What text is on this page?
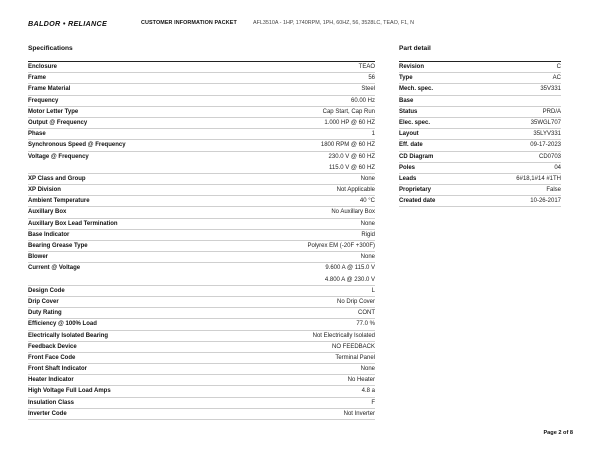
BALDOR • RELIANCE	CUSTOMER INFORMATION PACKET	AFL3510A - 1HP, 1740RPM, 1PH, 60HZ, 56, 3528LC, TEAO, F1, N
Specifications
Enclosure	TEAO
Frame	56
Frame Material	Steel
Frequency	60.00 Hz
Motor Letter Type	Cap Start, Cap Run
Output @ Frequency	1.000 HP @ 60 HZ
Phase	1
Synchronous Speed @ Frequency	1800 RPM @ 60 HZ
Voltage @ Frequency	230.0 V @ 60 HZ
115.0 V @ 60 HZ
XP Class and Group	None
XP Division	Not Applicable
Ambient Temperature	40 °C
Auxillary Box	No Auxillary Box
Auxillary Box Lead Termination	None
Base Indicator	Rigid
Bearing Grease Type	Polyrex EM (-20F +300F)
Blower	None
Current @ Voltage	9.600 A @ 115.0 V
4.800 A @ 230.0 V
Design Code	L
Drip Cover	No Drip Cover
Duty Rating	CONT
Efficiency @ 100% Load	77.0 %
Electrically Isolated Bearing	Not Electrically Isolated
Feedback Device	NO FEEDBACK
Front Face Code	Terminal Panel
Front Shaft Indicator	None
Heater Indicator	No Heater
High Voltage Full Load Amps	4.8 a
Insulation Class	F
Inverter Code	Not Inverter
Part detail
Revision	C
Type	AC
Mech. spec.	35V331
Base
Status	PRD/A
Elec. spec.	35WGL707
Layout	35LYV331
Eff. date	09-17-2023
CD Diagram	CD0703
Poles	04
Leads	6#18,1#14 #1TH
Proprietary	False
Created date	10-26-2017
Page 2 of 8
